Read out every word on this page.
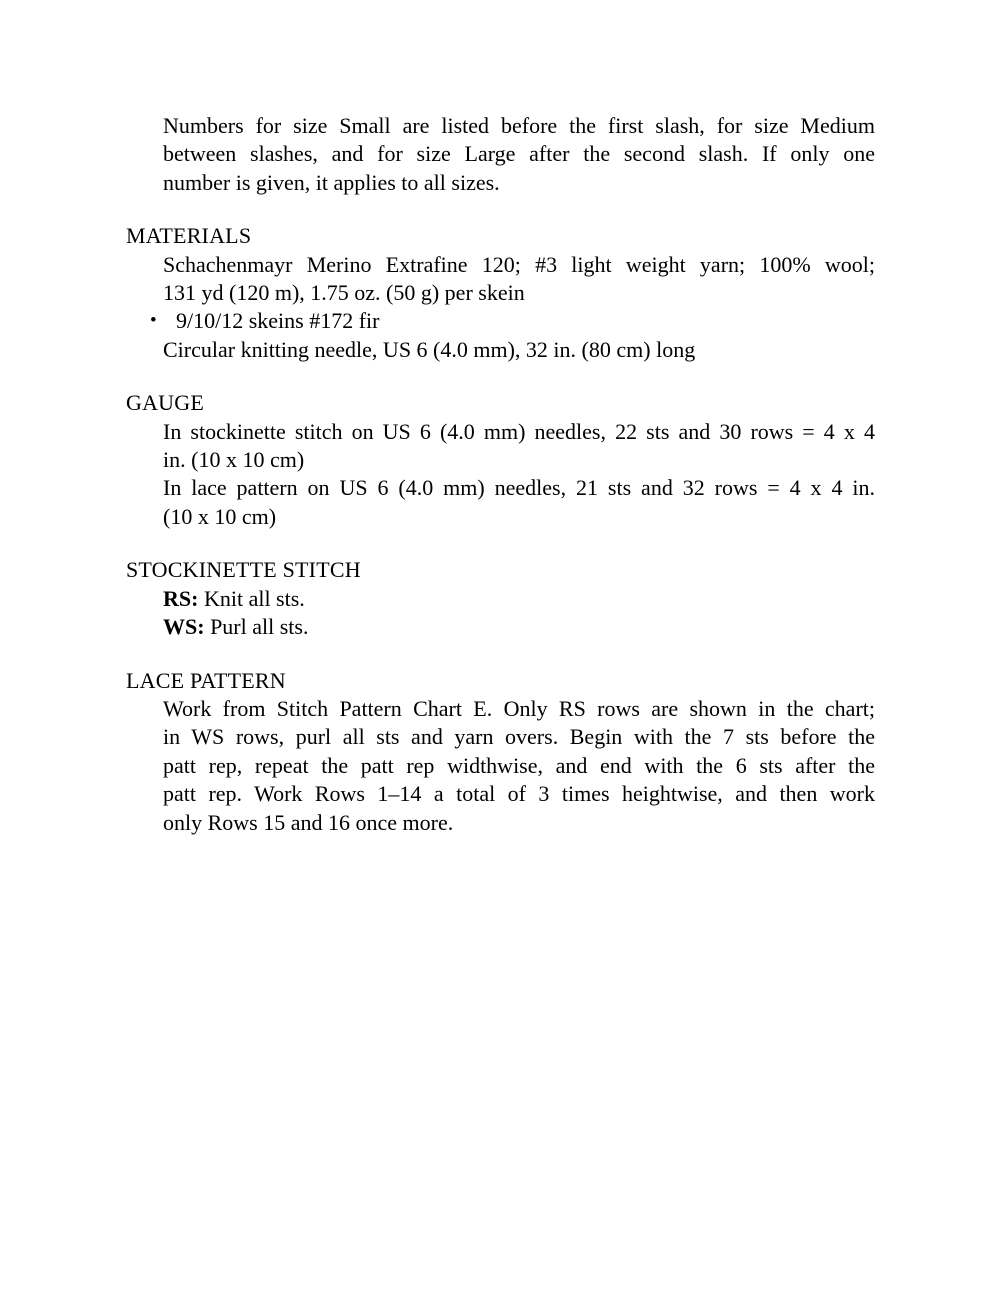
Numbers for size Small are listed before the first slash, for size Medium
between slashes, and for size Large after the second slash. If only one
number is given, it applies to all sizes.
MATERIALS
Schachenmayr Merino Extrafine 120; #3 light weight yarn; 100% wool;
131 yd (120 m), 1.75 oz. (50 g) per skein
• 9/10/12 skeins #172 fir
Circular knitting needle, US 6 (4.0 mm), 32 in. (80 cm) long
GAUGE
In stockinette stitch on US 6 (4.0 mm) needles, 22 sts and 30 rows = 4 x 4
in. (10 x 10 cm)
In lace pattern on US 6 (4.0 mm) needles, 21 sts and 32 rows = 4 x 4 in.
(10 x 10 cm)
STOCKINETTE STITCH
RS: Knit all sts.
WS: Purl all sts.
LACE PATTERN
Work from Stitch Pattern Chart E. Only RS rows are shown in the chart;
in WS rows, purl all sts and yarn overs. Begin with the 7 sts before the
patt rep, repeat the patt rep widthwise, and end with the 6 sts after the
patt rep. Work Rows 1–14 a total of 3 times heightwise, and then work
only Rows 15 and 16 once more.
